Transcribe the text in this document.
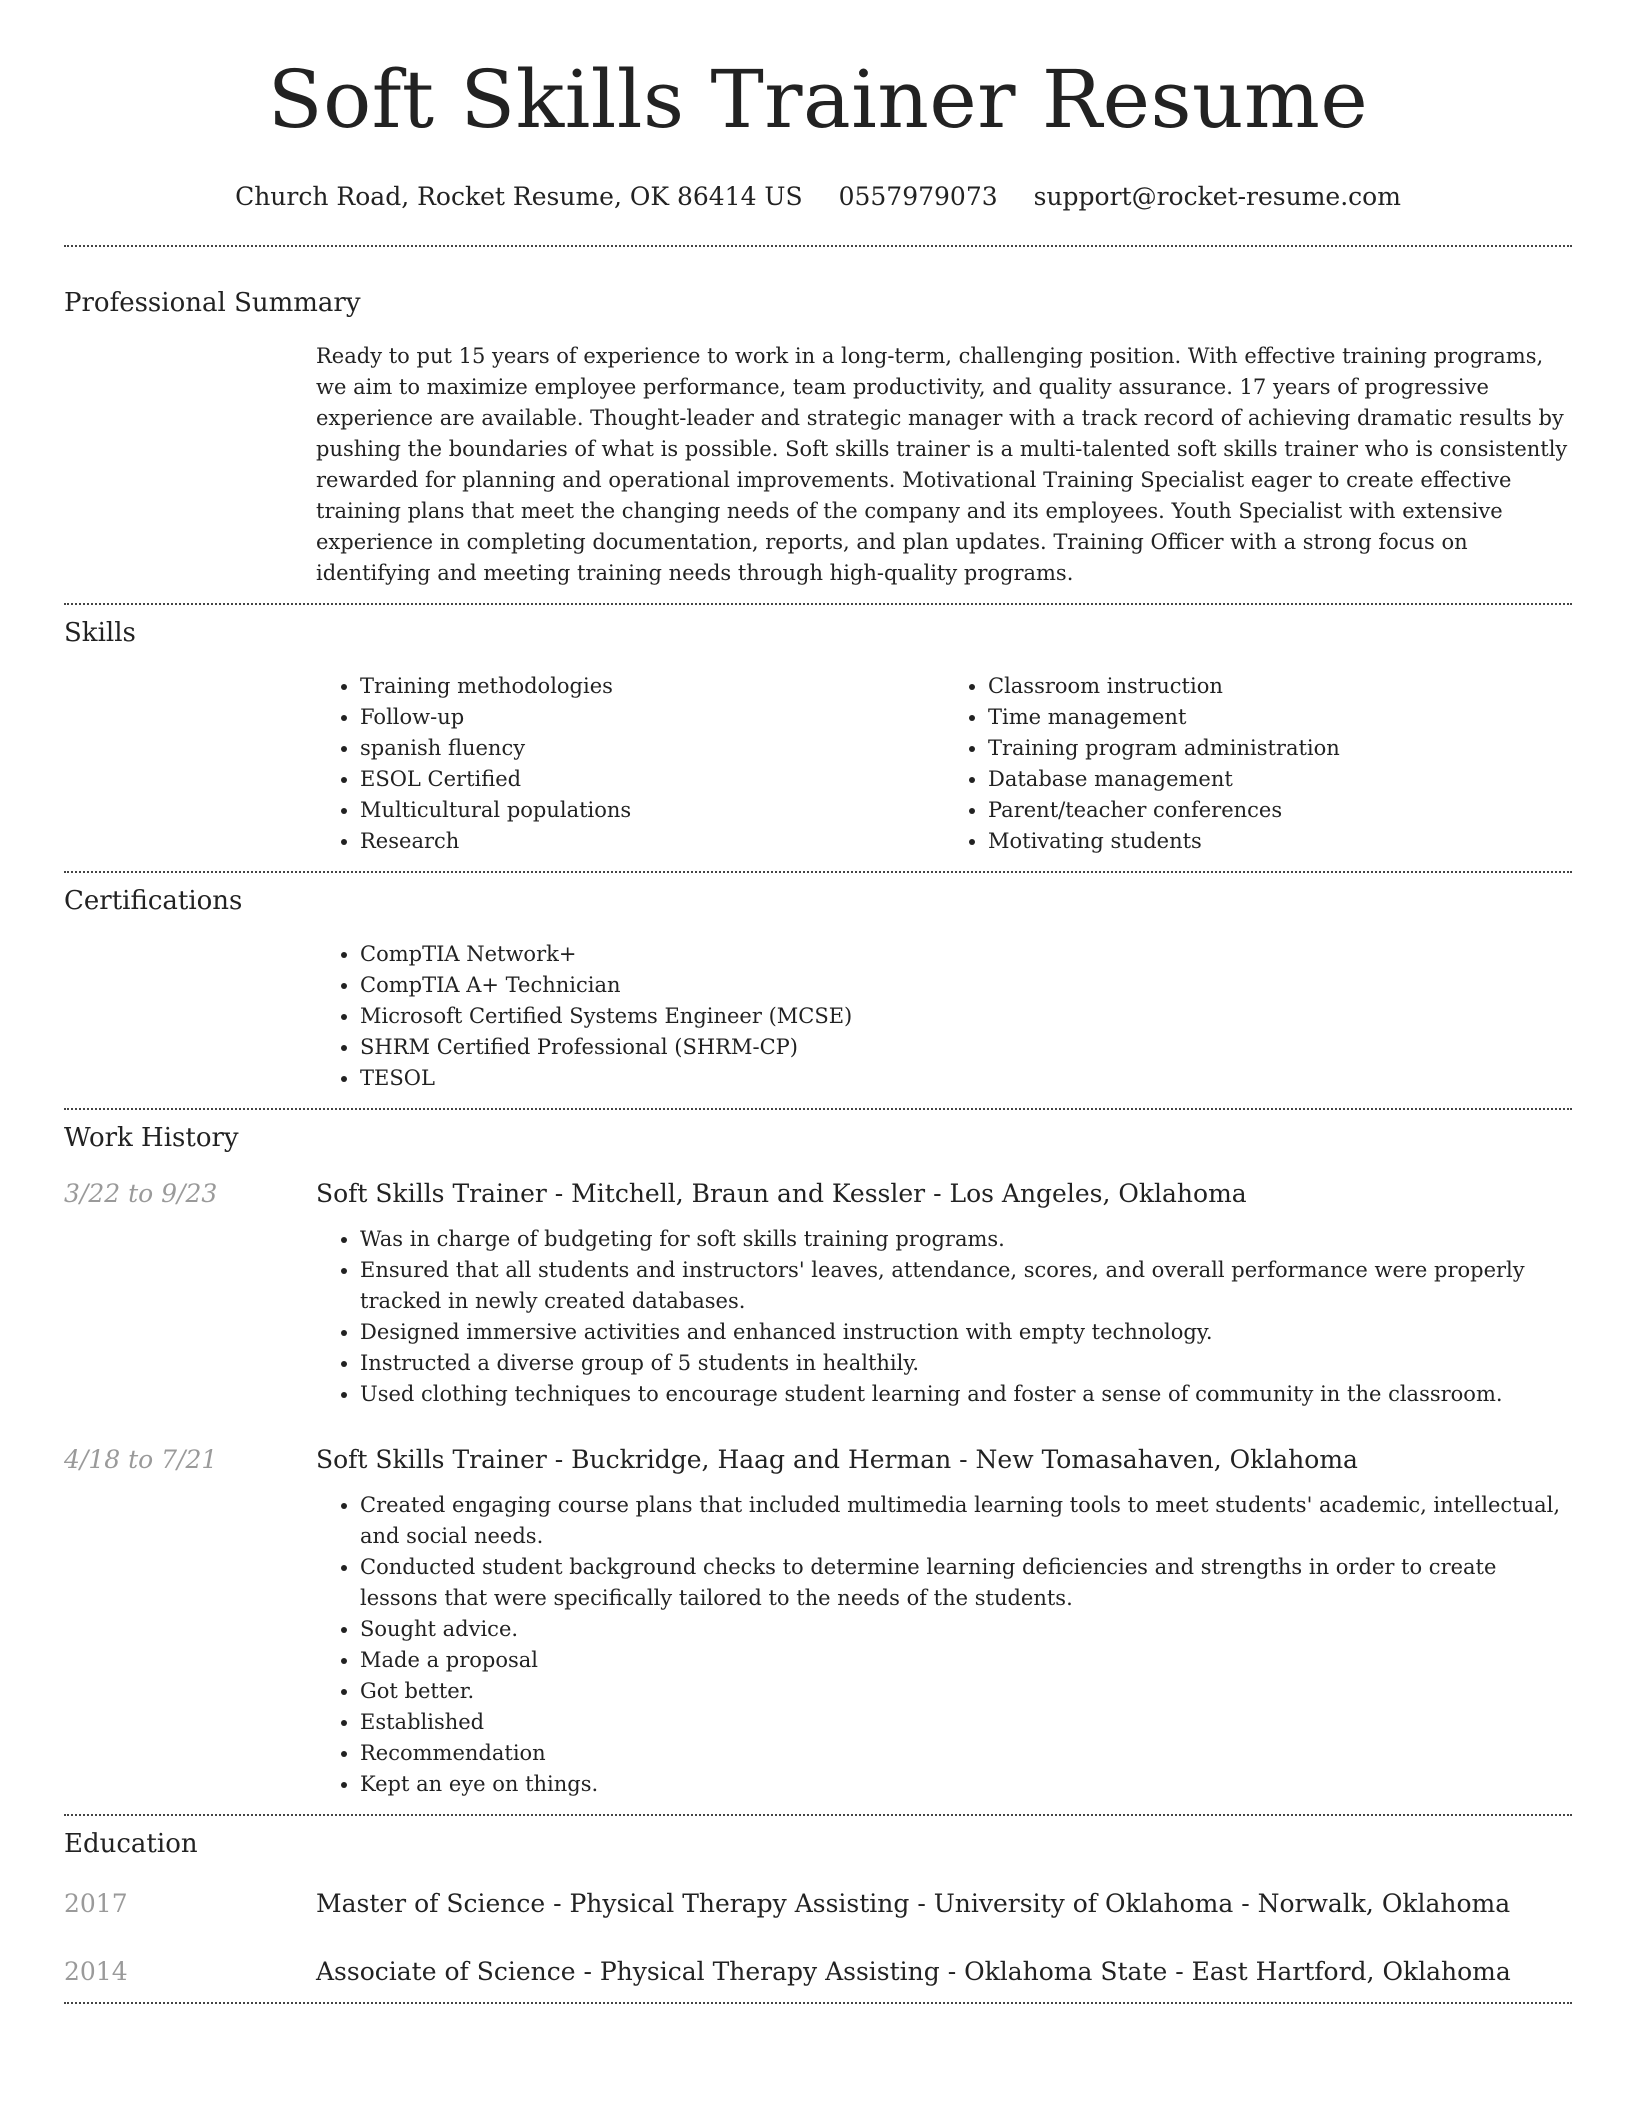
Soft Skills Trainer Resume
Church Road, Rocket Resume, OK 86414 US 0557979073 support@rocket-resume.com
Professional Summary
Ready to put 15 years of experience to work in a long-term, challenging position. With effective training programs, we aim to maximize employee performance, team productivity, and quality assurance. 17 years of progressive experience are available. Thought-leader and strategic manager with a track record of achieving dramatic results by pushing the boundaries of what is possible. Soft skills trainer is a multi-talented soft skills trainer who is consistently rewarded for planning and operational improvements. Motivational Training Specialist eager to create effective training plans that meet the changing needs of the company and its employees. Youth Specialist with extensive experience in completing documentation, reports, and plan updates. Training Officer with a strong focus on identifying and meeting training needs through high-quality programs.
Skills
• Training methodologies
• Follow-up
• spanish fluency
• ESOL Certified
• Multicultural populations
• Research
• Classroom instruction
• Time management
• Training program administration
• Database management
• Parent/teacher conferences
• Motivating students
Certifications
• CompTIA Network+
• CompTIA A+ Technician
• Microsoft Certified Systems Engineer (MCSE)
• SHRM Certified Professional (SHRM-CP)
• TESOL
Work History
3/22 to 9/23	Soft Skills Trainer - Mitchell, Braun and Kessler - Los Angeles, Oklahoma
• Was in charge of budgeting for soft skills training programs.
• Ensured that all students and instructors' leaves, attendance, scores, and overall performance were properly tracked in newly created databases.
• Designed immersive activities and enhanced instruction with empty technology.
• Instructed a diverse group of 5 students in healthily.
• Used clothing techniques to encourage student learning and foster a sense of community in the classroom.
4/18 to 7/21	Soft Skills Trainer - Buckridge, Haag and Herman - New Tomasahaven, Oklahoma
• Created engaging course plans that included multimedia learning tools to meet students' academic, intellectual, and social needs.
• Conducted student background checks to determine learning deficiencies and strengths in order to create lessons that were specifically tailored to the needs of the students.
• Sought advice.
• Made a proposal
• Got better.
• Established
• Recommendation
• Kept an eye on things.
Education
2017	Master of Science - Physical Therapy Assisting - University of Oklahoma - Norwalk, Oklahoma
2014	Associate of Science - Physical Therapy Assisting - Oklahoma State - East Hartford, Oklahoma
